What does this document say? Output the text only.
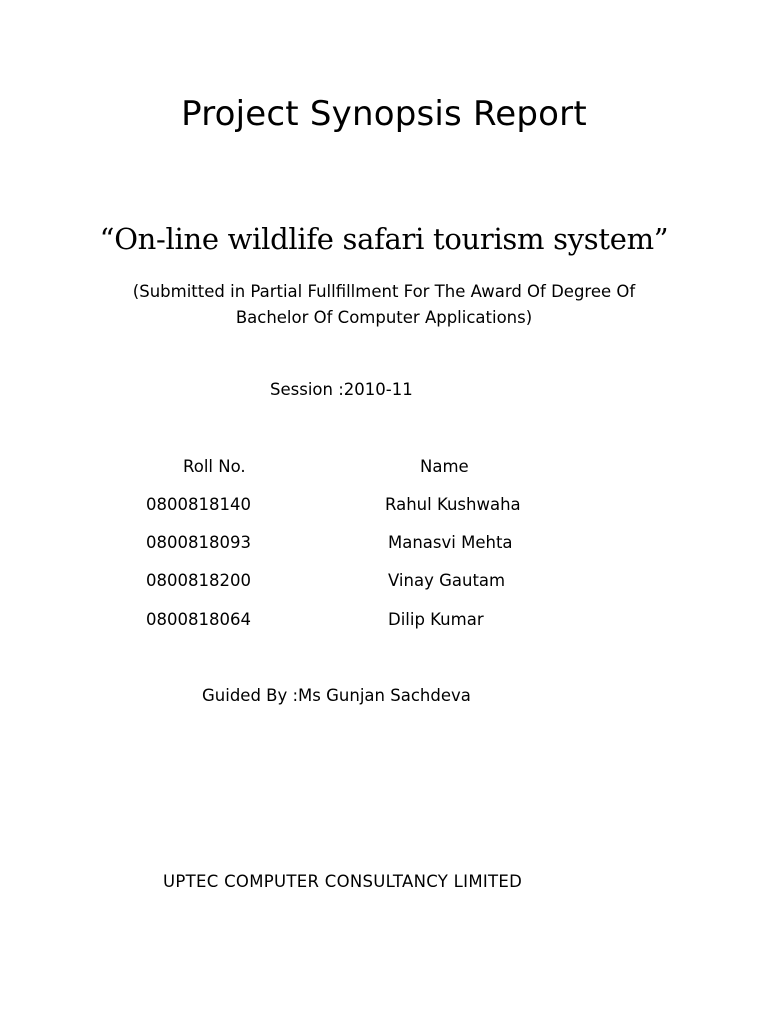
Project Synopsis Report
“On-line wildlife safari tourism system”
(Submitted in Partial Fullfillment For The Award Of Degree Of
Bachelor Of Computer Applications)
Session :2010-11
Roll No.	Name
0800818140	Rahul Kushwaha
0800818093	Manasvi Mehta
0800818200	Vinay Gautam
0800818064	Dilip Kumar
Guided By :Ms Gunjan Sachdeva
UPTEC COMPUTER CONSULTANCY LIMITED
